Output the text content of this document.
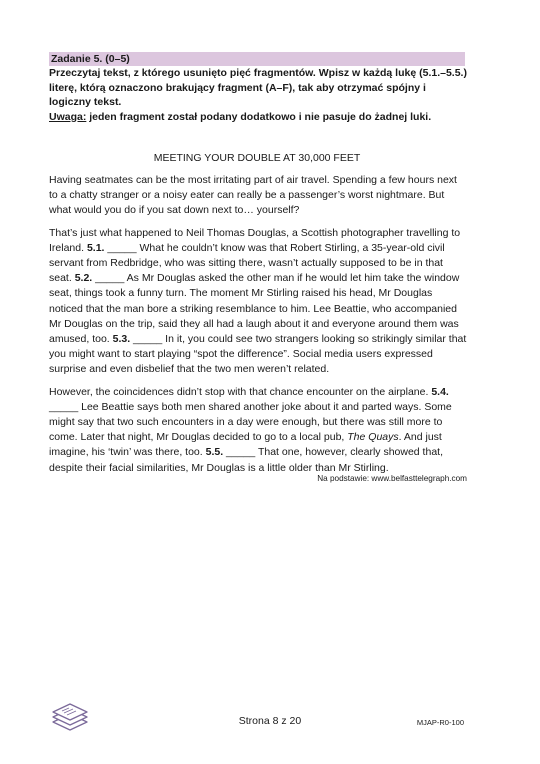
Zadanie 5. (0–5)
Przeczytaj tekst, z którego usunięto pięć fragmentów. Wpisz w każdą lukę (5.1.–5.5.) literę, którą oznaczono brakujący fragment (A–F), tak aby otrzymać spójny i logiczny tekst.
Uwaga: jeden fragment został podany dodatkowo i nie pasuje do żadnej luki.
MEETING YOUR DOUBLE AT 30,000 FEET

Having seatmates can be the most irritating part of air travel. Spending a few hours next to a chatty stranger or a noisy eater can really be a passenger’s worst nightmare. But what would you do if you sat down next to… yourself?

That’s just what happened to Neil Thomas Douglas, a Scottish photographer travelling to Ireland. 5.1. _____ What he couldn’t know was that Robert Stirling, a 35-year-old civil servant from Redbridge, who was sitting there, wasn’t actually supposed to be in that seat. 5.2. _____ As Mr Douglas asked the other man if he would let him take the window seat, things took a funny turn. The moment Mr Stirling raised his head, Mr Douglas noticed that the man bore a striking resemblance to him. Lee Beattie, who accompanied Mr Douglas on the trip, said they all had a laugh about it and everyone around them was amused, too. 5.3. _____ In it, you could see two strangers looking so strikingly similar that you might want to start playing “spot the difference”. Social media users expressed surprise and even disbelief that the two men weren’t related.

However, the coincidences didn’t stop with that chance encounter on the airplane. 5.4. _____ Lee Beattie says both men shared another joke about it and parted ways. Some might say that two such encounters in a day were enough, but there was still more to come. Later that night, Mr Douglas decided to go to a local pub, The Quays. And just imagine, his ‘twin’ was there, too. 5.5. _____ That one, however, clearly showed that, despite their facial similarities, Mr Douglas is a little older than Mr Stirling.

Na podstawie: www.belfasttelegraph.com
Strona 8 z 20	MJAP-R0-100
